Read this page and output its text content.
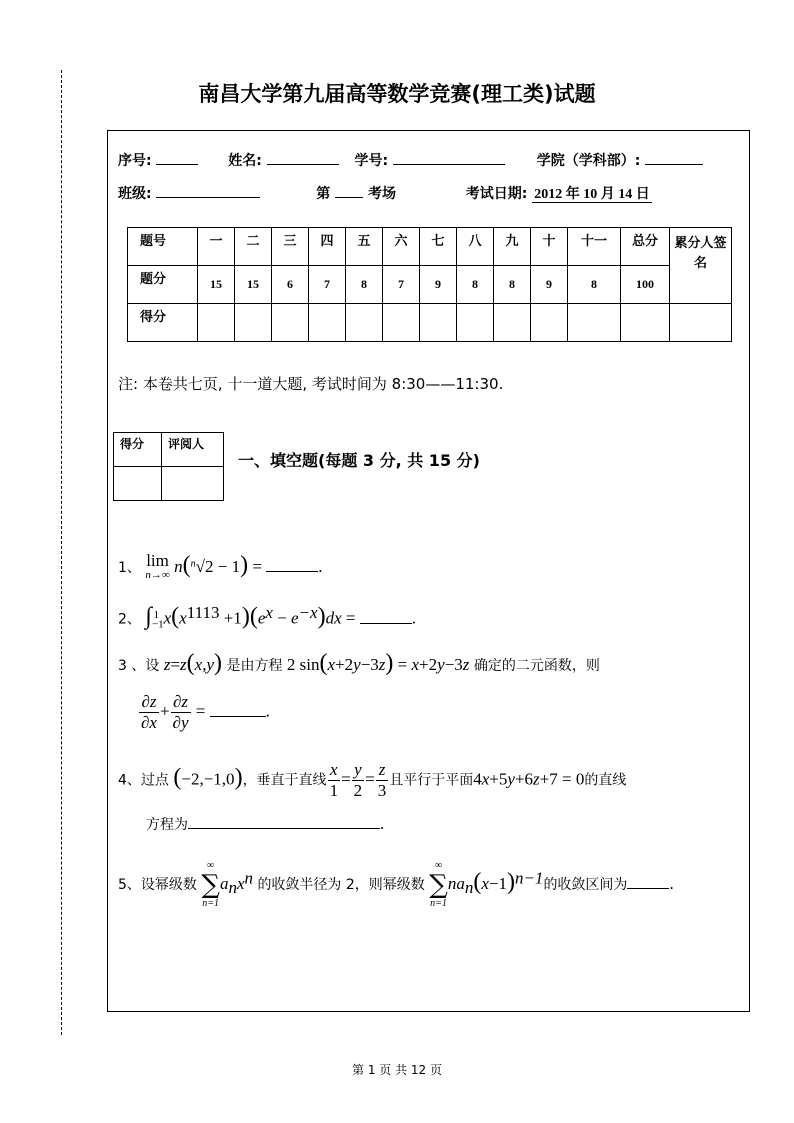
南昌大学第九届高等数学竞赛(理工类)试题
序号:	姓名:	学号:	学院（学科部）:
班级:	第	考场	考试日期: 2012 年 10 月 14 日
题号	一	二	三	四	五	六	七	八	九	十	十一	总分	累分人签名
题分	15	15	6	7	8	7	9	8	8	9	8	100	
得分													
注: 本卷共七页, 十一道大题, 考试时间为 8:30——11:30.
得分	评阅人

一、填空题(每题 3 分, 共 15 分)
1、 lim
n→∞ n($^n$√2 − 1) =	.
2、 $\int_{-1}^1$ $x(x^{1113} +1)(e^x - e^{-x})dx$ =	.
3 、设 z=z(x,y) 是由方程 2 sin(x+2y−3z) = x+2y−3z 确定的二元函数，则
$\frac{\partial z}{\partial x} + \frac{\partial z}{\partial y}$ =	.
4、过点 (−2,−1,0)，垂直于直线 $\frac{x}{1} = \frac{y}{2} = \frac{z}{3}$ 且平行于平面4x+5y+6z+7 = 0的直线
方程为	.
5、设幂级数
∞
∑
n=1
$a_nx^n$ 的收敛半径为 2，则幂级数
∞
∑
n=1
$na_n(x-1)^{n-1}$的收敛区间为 .
第 1 页 共 12 页
